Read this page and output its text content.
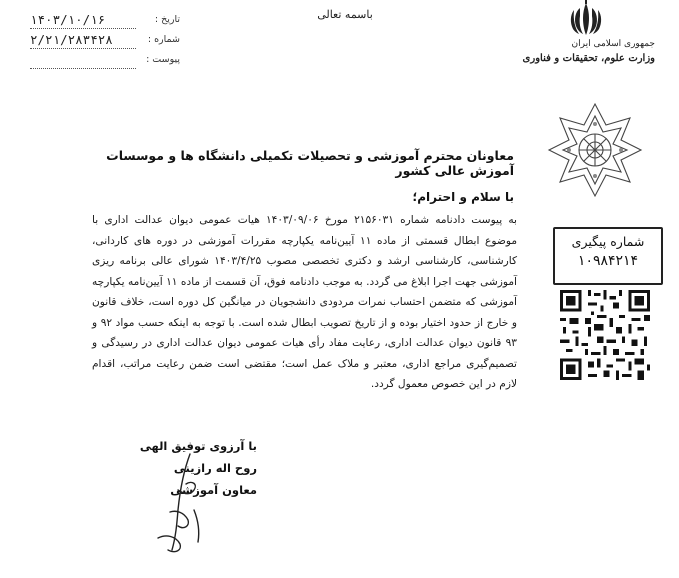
۱۴۰۳/۱۰/۱۶	تاریخ :
۲/۲۱/۲۸۳۴۲۸	شماره :
پیوست :
باسمه تعالی
جمهوری اسلامی ایران
وزارت علوم، تحقیقات و فناوری
معاونان محترم آموزشی و تحصیلات تکمیلی دانشگاه ها و موسسات آموزش عالی کشور
با سلام و احترام؛

به پیوست دادنامه شماره ۲۱۵۶۰۳۱ مورخ ۱۴۰۳/۰۹/۰۶ هیات عمومی دیوان عدالت اداری با موضوع ابطال قسمتی از ماده ۱۱ آیین‌نامه یکپارچه مقررات آموزشی در دوره های کاردانی، کارشناسی، کارشناسی ارشد و دکتری تخصصی مصوب ۱۴۰۳/۴/۲۵ شورای عالی برنامه ریزی آموزشی جهت اجرا ابلاغ می گردد. به موجب دادنامه فوق، آن قسمت از ماده ۱۱ آیین‌نامه یکپارچه آموزشی که متضمن احتساب نمرات مردودی دانشجویان در میانگین کل دوره است، خلاف قانون و خارج از حدود اختیار بوده و از تاریخ تصویب ابطال شده است. با توجه به اینکه حسب مواد ۹۲ و ۹۳ قانون دیوان عدالت اداری، رعایت مفاد رأی هیات عمومی دیوان عدالت اداری در رسیدگی و تصمیم‌گیری مراجع اداری، معتبر و ملاک عمل است؛ مقتضی است ضمن رعایت مراتب، اقدام لازم در این خصوص معمول گردد.

شماره پیگیری
۱۰۹۸۴۲۱۴
با آرزوی توفیق الهی
روح اله رازینی
معاون آموزشی
